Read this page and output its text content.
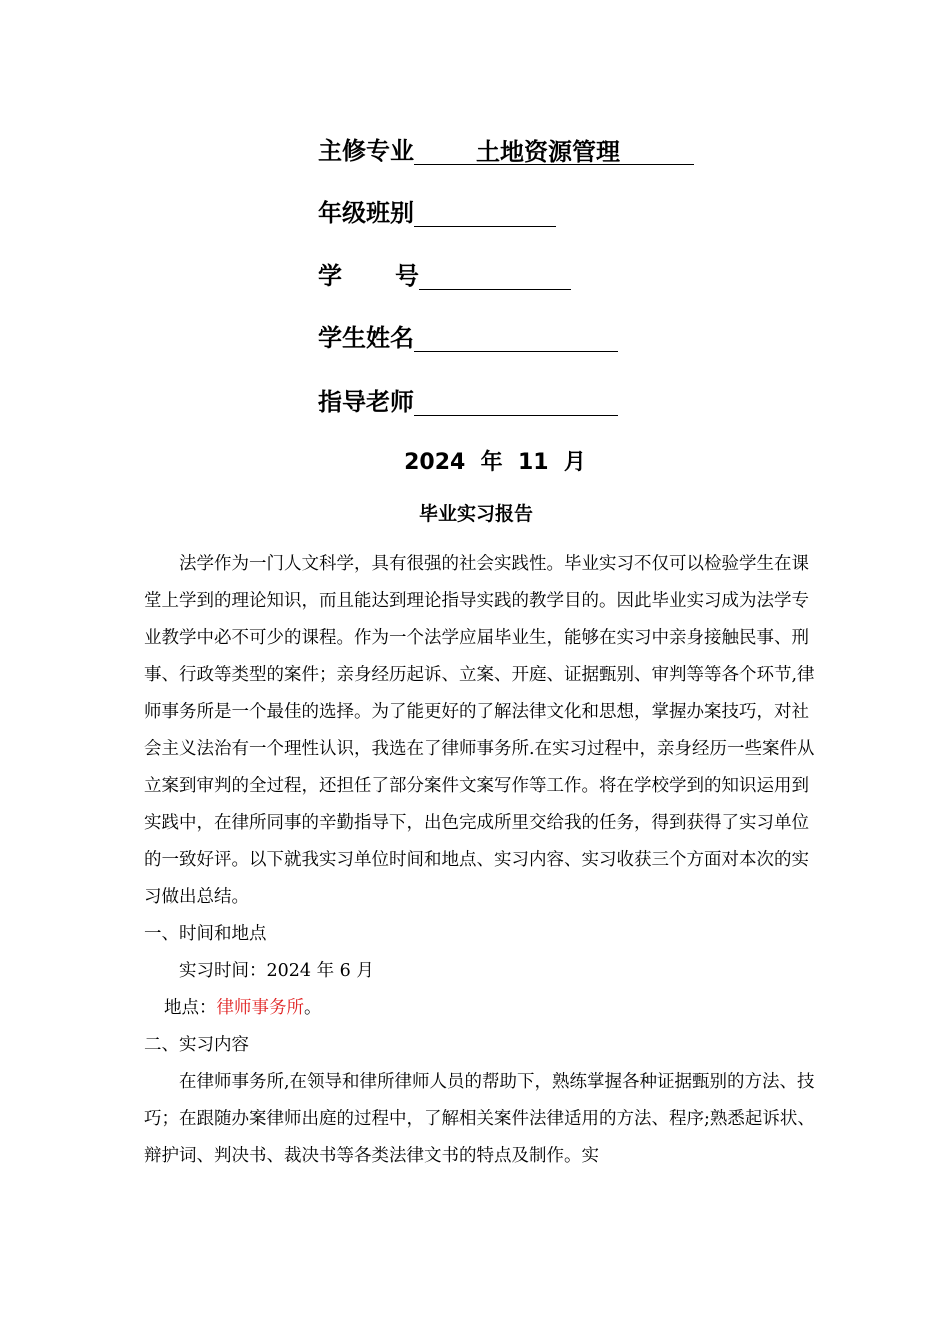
主修专业	土地资源管理
年级班别
学 号
学生姓名
指导老师
2024  年  11  月
毕业实习报告

法学作为一门人文科学，具有很强的社会实践性。毕业实习不仅可以检验学生在课堂上学到的理论知识，而且能达到理论指导实践的教学目的。因此毕业实习成为法学专业教学中必不可少的课程。作为一个法学应届毕业生，能够在实习中亲身接触民事、刑事、行政等类型的案件；亲身经历起诉、立案、开庭、证据甄别、审判等等各个环节,律师事务所是一个最佳的选择。为了能更好的了解法律文化和思想，掌握办案技巧，对社会主义法治有一个理性认识，我选在了律师事务所.在实习过程中，亲身经历一些案件从立案到审判的全过程，还担任了部分案件文案写作等工作。将在学校学到的知识运用到实践中，在律所同事的辛勤指导下，出色完成所里交给我的任务，得到获得了实习单位的一致好评。以下就我实习单位时间和地点、实习内容、实习收获三个方面对本次的实习做出总结。

一、时间和地点

实习时间：2024 年 6 月

地点：律师事务所。

二、实习内容

在律师事务所,在领导和律所律师人员的帮助下，熟练掌握各种证据甄别的方法、技巧；在跟随办案律师出庭的过程中，了解相关案件法律适用的方法、程序;熟悉起诉状、辩护词、判决书、裁决书等各类法律文书的特点及制作。实
